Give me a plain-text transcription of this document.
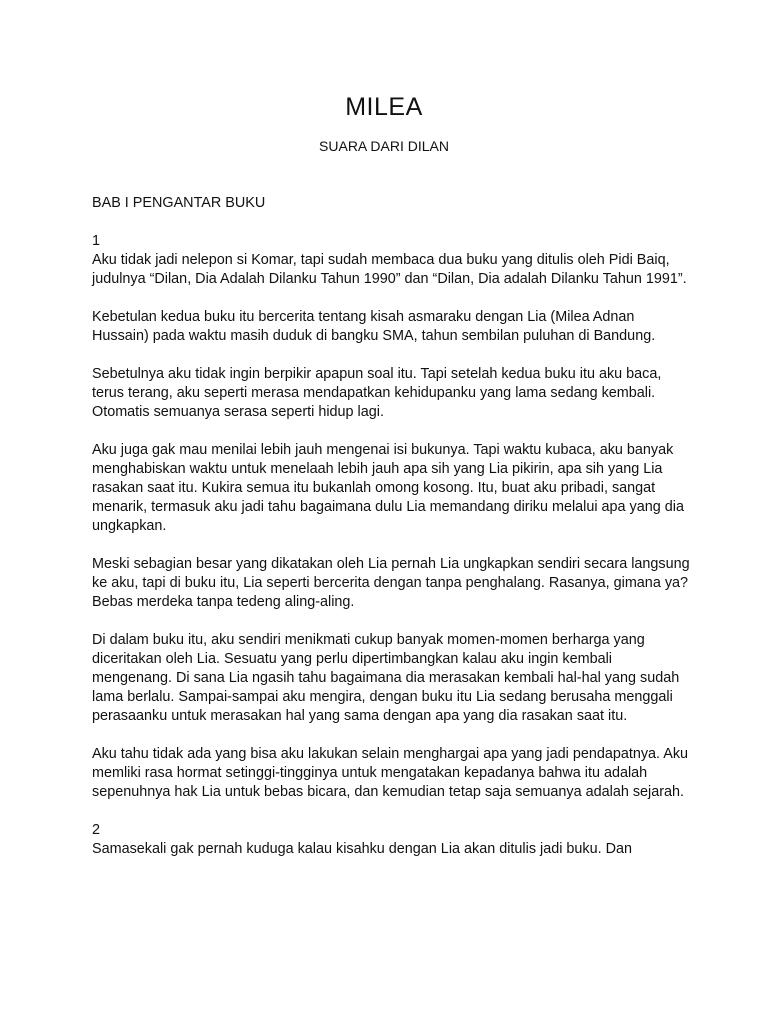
MILEA
SUARA DARI DILAN

BAB I PENGANTAR BUKU

1

Aku tidak jadi nelepon si Komar, tapi sudah membaca dua buku yang ditulis oleh Pidi Baiq, judulnya “Dilan, Dia Adalah Dilanku Tahun 1990” dan “Dilan, Dia adalah Dilanku Tahun 1991”.

Kebetulan kedua buku itu bercerita tentang kisah asmaraku dengan Lia (Milea Adnan Hussain) pada waktu masih duduk di bangku SMA, tahun sembilan puluhan di Bandung.

Sebetulnya aku tidak ingin berpikir apapun soal itu. Tapi setelah kedua buku itu aku baca, terus terang, aku seperti merasa mendapatkan kehidupanku yang lama sedang kembali. Otomatis semuanya serasa seperti hidup lagi.

Aku juga gak mau menilai lebih jauh mengenai isi bukunya. Tapi waktu kubaca, aku banyak menghabiskan waktu untuk menelaah lebih jauh apa sih yang Lia pikirin, apa sih yang Lia rasakan saat itu. Kukira semua itu bukanlah omong kosong. Itu, buat aku pribadi, sangat menarik, termasuk aku jadi tahu bagaimana dulu Lia memandang diriku melalui apa yang dia ungkapkan.

Meski sebagian besar yang dikatakan oleh Lia pernah Lia ungkapkan sendiri secara langsung ke aku, tapi di buku itu, Lia seperti bercerita dengan tanpa penghalang. Rasanya, gimana ya? Bebas merdeka tanpa tedeng aling-aling.

Di dalam buku itu, aku sendiri menikmati cukup banyak momen-momen berharga yang diceritakan oleh Lia. Sesuatu yang perlu dipertimbangkan kalau aku ingin kembali mengenang. Di sana Lia ngasih tahu bagaimana dia merasakan kembali hal-hal yang sudah lama berlalu. Sampai-sampai aku mengira, dengan buku itu Lia sedang berusaha menggali perasaanku untuk merasakan hal yang sama dengan apa yang dia rasakan saat itu.

Aku tahu tidak ada yang bisa aku lakukan selain menghargai apa yang jadi pendapatnya. Aku memliki rasa hormat setinggi-tingginya untuk mengatakan kepadanya bahwa itu adalah sepenuhnya hak Lia untuk bebas bicara, dan kemudian tetap saja semuanya adalah sejarah.

2

Samasekali gak pernah kuduga kalau kisahku dengan Lia akan ditulis jadi buku. Dan
